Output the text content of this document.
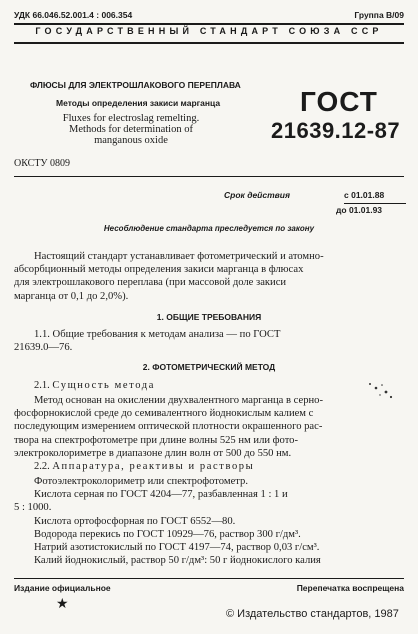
УДК 66.046.52.001.4 : 006.354	Группа В/09
ГОСУДАРСТВЕННЫЙ СТАНДАРТ СОЮЗА ССР
ФЛЮСЫ ДЛЯ ЭЛЕКТРОШЛАКОВОГО ПЕРЕПЛАВА
Методы определения закиси марганца
Fluxes for electroslag remelting.
Methods for determination of
manganous oxide
ГОСТ
21639.12-87
ОКСТУ 0809
Срок действия	с 01.01.88
до 01.01.93
Несоблюдение стандарта преследуется по закону
Настоящий стандарт устанавливает фотометрический и атомно-
абсорбционный методы определения закиси марганца в флюсах
для электрошлакового переплава (при массовой доле закиси
марганца от 0,1 до 2,0%).
1. ОБЩИЕ ТРЕБОВАНИЯ
1.1. Общие требования к методам анализа — по ГОСТ
21639.0—76.
2. ФОТОМЕТРИЧЕСКИЙ МЕТОД
2.1. Сущность метода
Метод основан на окислении двухвалентного марганца в серно-
фосфорнокислой среде до семивалентного йоднокислым калием с
последующим измерением оптической плотности окрашенного рас-
твора на спектрофотометре при длине волны 525 нм или фото-
электроколориметре в диапазоне длин волн от 500 до 550 нм.
2.2. Аппаратура, реактивы и растворы
Фотоэлектроколориметр или спектрофотометр.
Кислота серная по ГОСТ 4204—77, разбавленная 1 : 1 и
5 : 1000.
Кислота ортофосфорная по ГОСТ 6552—80.
Водорода перекись по ГОСТ 10929—76, раствор 300 г/дм³.
Натрий азотистокислый по ГОСТ 4197—74, раствор 0,03 г/см³.
Калий йоднокислый, раствор 50 г/дм³: 50 г йоднокислого калия
Издание официальное	Перепечатка воспрещена
★
© Издательство стандартов, 1987
